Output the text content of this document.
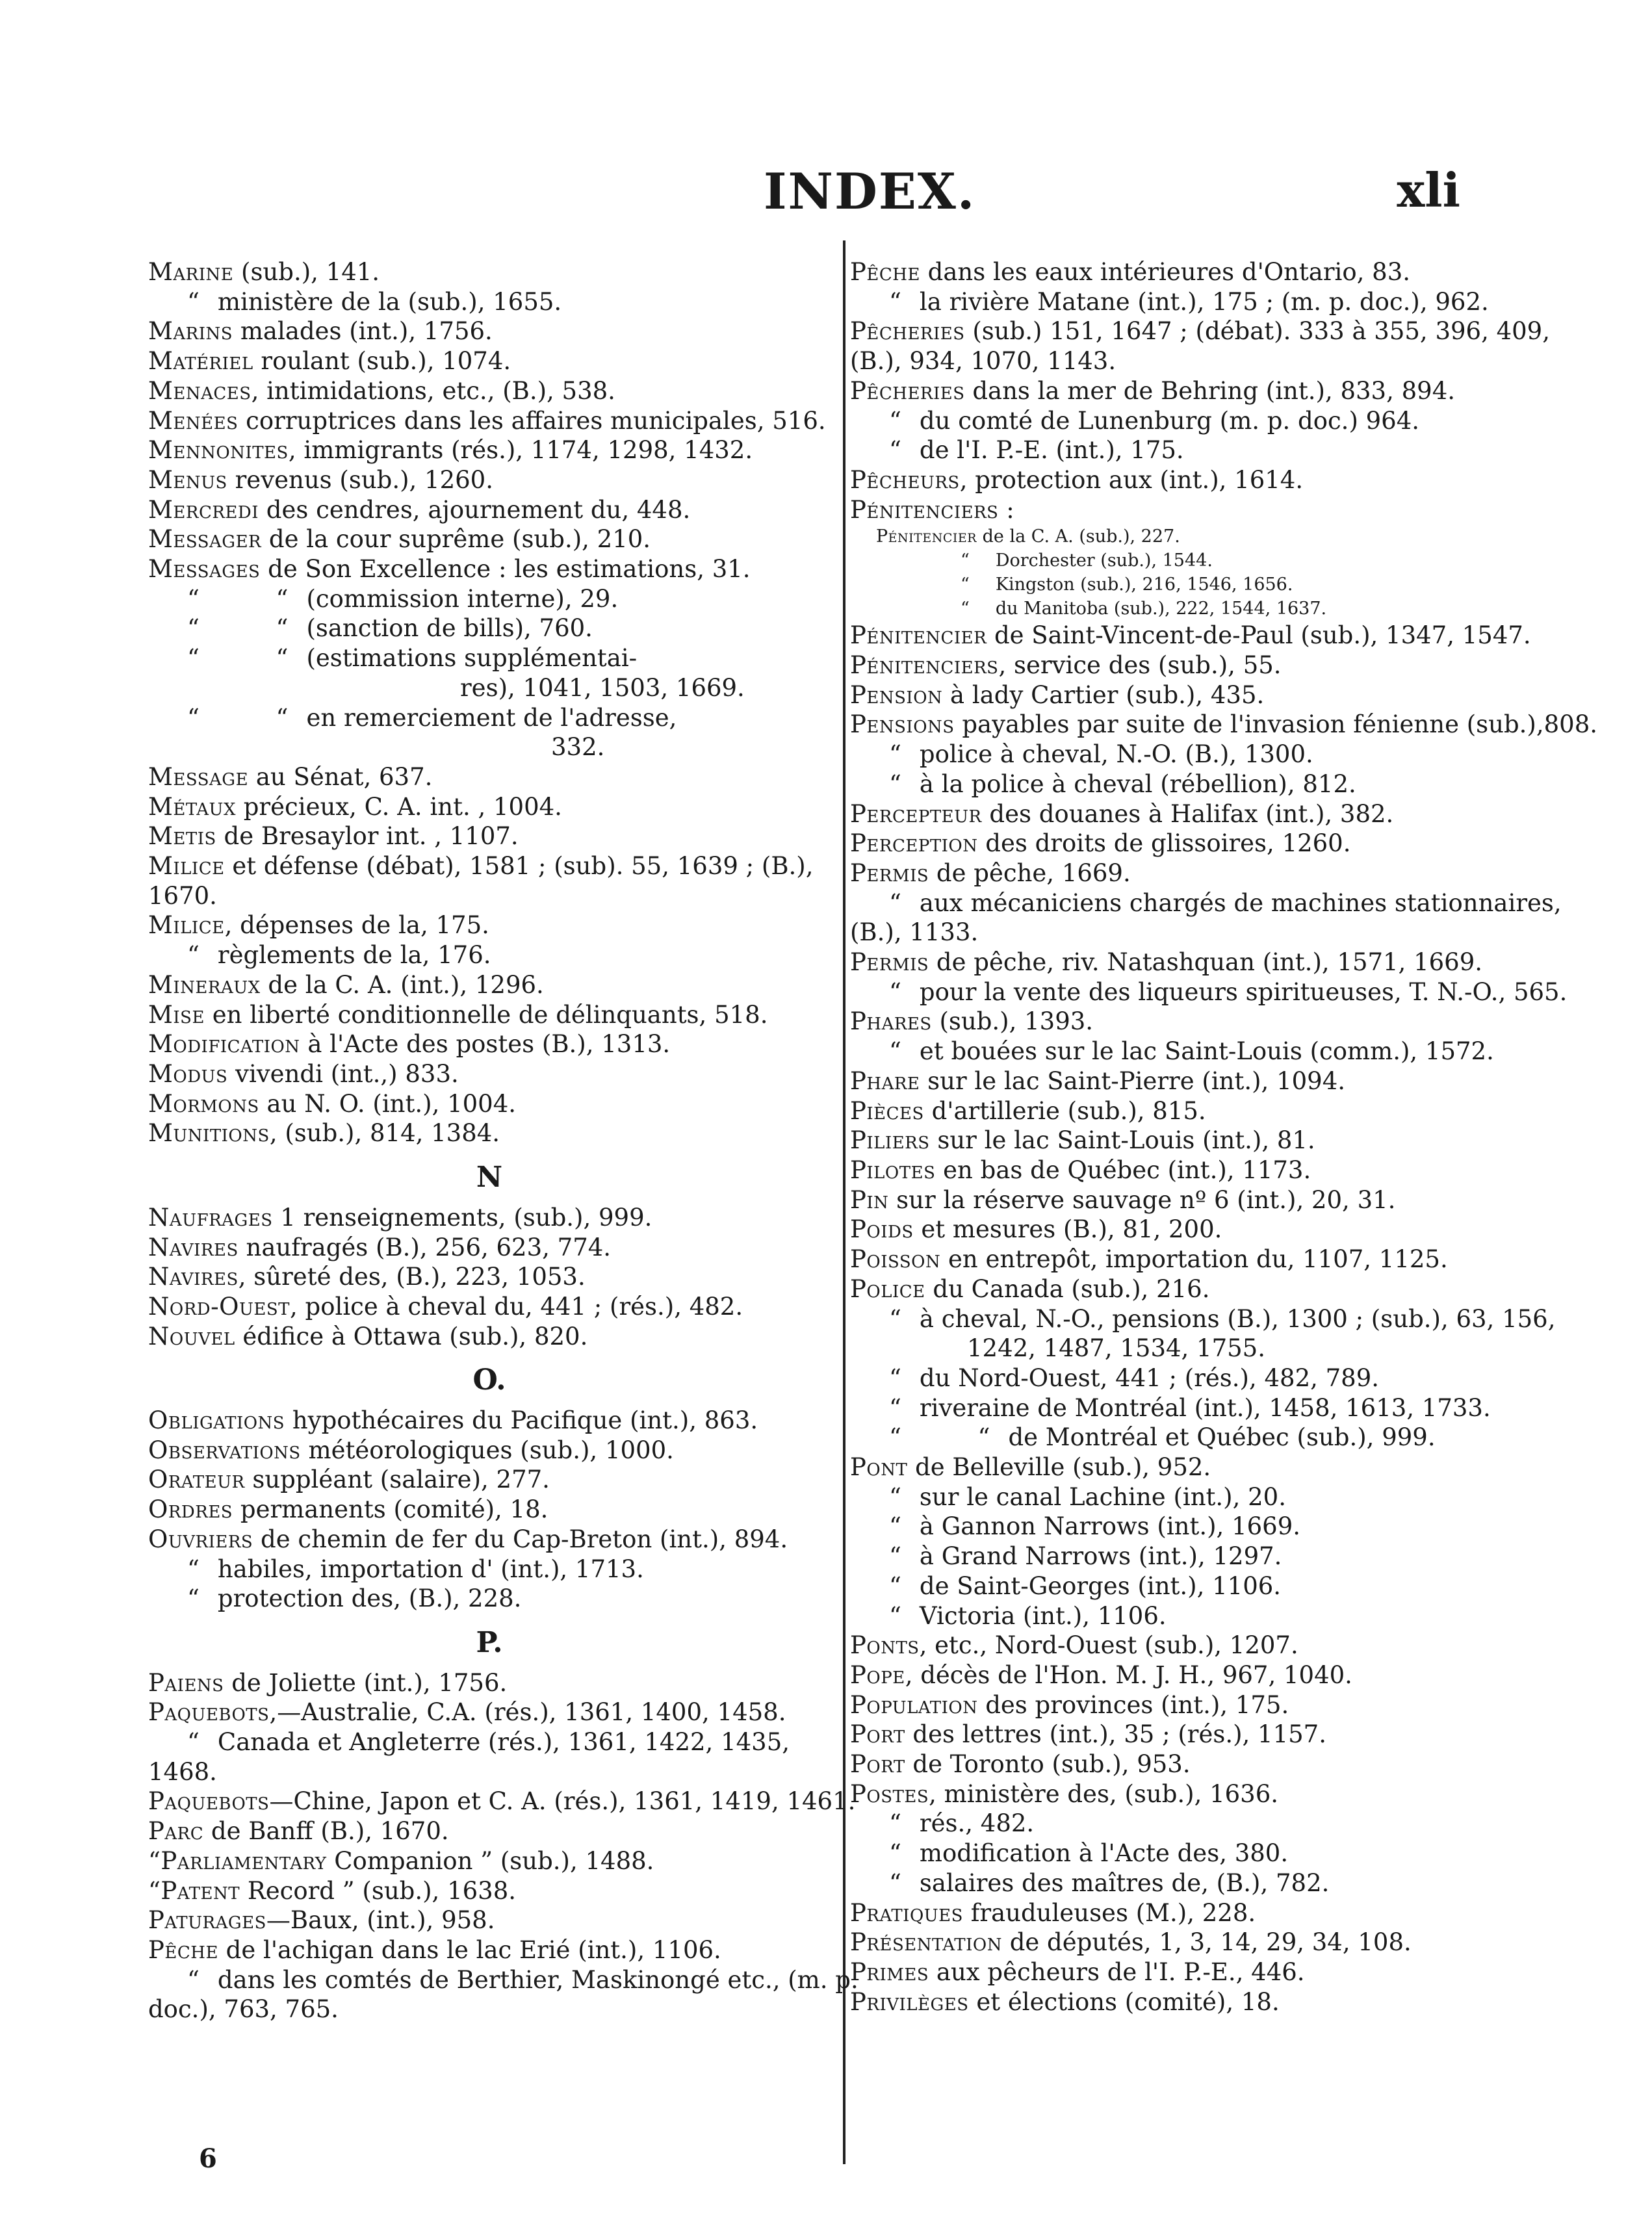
INDEX.	xli
Marine (sub.), 141.
“ ministère de la (sub.), 1655.
Marins malades (int.), 1756.
Matériel roulant (sub.), 1074.
Menaces, intimidations, etc., (B.), 538.
Menées corruptrices dans les affaires municipales, 516.
Mennonites, immigrants (rés.), 1174, 1298, 1432.
Menus revenus (sub.), 1260.
Mercredi des cendres, ajournement du, 448.
Messager de la cour suprême (sub.), 210.
Messages de Son Excellence : les estimations, 31.
“          “ (commission interne), 29.
“          “ (sanction de bills), 760.
“          “ (estimations supplémentai-
res), 1041, 1503, 1669.
“          “ en remerciement de l'adresse,
332.
Message au Sénat, 637.
Métaux précieux, C. A. int. , 1004.
Metis de Bresaylor int. , 1107.
Milice et défense (débat), 1581 ; (sub). 55, 1639 ; (B.),
1670.
Milice, dépenses de la, 175.
“ règlements de la, 176.
Mineraux de la C. A. (int.), 1296.
Mise en liberté conditionnelle de délinquants, 518.
Modification à l'Acte des postes (B.), 1313.
Modus vivendi (int.,) 833.
Mormons au N. O. (int.), 1004.
Munitions, (sub.), 814, 1384.
N
Naufrages 1 renseignements, (sub.), 999.
Navires naufragés (B.), 256, 623, 774.
Navires, sûreté des, (B.), 223, 1053.
Nord-Ouest, police à cheval du, 441 ; (rés.), 482.
Nouvel édifice à Ottawa (sub.), 820.
O.
Obligations hypothécaires du Pacifique (int.), 863.
Observations météorologiques (sub.), 1000.
Orateur suppléant (salaire), 277.
Ordres permanents (comité), 18.
Ouvriers de chemin de fer du Cap-Breton (int.), 894.
“ habiles, importation d' (int.), 1713.
“ protection des, (B.), 228.
P.
Paiens de Joliette (int.), 1756.
Paquebots,—Australie, C.A. (rés.), 1361, 1400, 1458.
“ Canada et Angleterre (rés.), 1361, 1422, 1435,
1468.
Paquebots—Chine, Japon et C. A. (rés.), 1361, 1419, 1461.
Parc de Banff (B.), 1670.
“Parliamentary Companion ” (sub.), 1488.
“Patent Record ” (sub.), 1638.
Paturages—Baux, (int.), 958.
Pêche de l'achigan dans le lac Erié (int.), 1106.
“ dans les comtés de Berthier, Maskinongé etc., (m. p.
doc.), 763, 765.
Pêche dans les eaux intérieures d'Ontario, 83.
“ la rivière Matane (int.), 175 ; (m. p. doc.), 962.
Pêcheries (sub.) 151, 1647 ; (débat). 333 à 355, 396, 409,
(B.), 934, 1070, 1143.
Pêcheries dans la mer de Behring (int.), 833, 894.
“ du comté de Lunenburg (m. p. doc.) 964.
“ de l'I. P.-E. (int.), 175.
Pêcheurs, protection aux (int.), 1614.
Pénitenciers :
Pénitencier de la C. A. (sub.), 227.
“ Dorchester (sub.), 1544.
“ Kingston (sub.), 216, 1546, 1656.
“ du Manitoba (sub.), 222, 1544, 1637.
Pénitencier de Saint-Vincent-de-Paul (sub.), 1347, 1547.
Pénitenciers, service des (sub.), 55.
Pension à lady Cartier (sub.), 435.
Pensions payables par suite de l'invasion fénienne (sub.),808.
“ police à cheval, N.-O. (B.), 1300.
“ à la police à cheval (rébellion), 812.
Percepteur des douanes à Halifax (int.), 382.
Perception des droits de glissoires, 1260.
Permis de pêche, 1669.
“ aux mécaniciens chargés de machines stationnaires,
(B.), 1133.
Permis de pêche, riv. Natashquan (int.), 1571, 1669.
“ pour la vente des liqueurs spiritueuses, T. N.-O., 565.
Phares (sub.), 1393.
“ et bouées sur le lac Saint-Louis (comm.), 1572.
Phare sur le lac Saint-Pierre (int.), 1094.
Pièces d'artillerie (sub.), 815.
Piliers sur le lac Saint-Louis (int.), 81.
Pilotes en bas de Québec (int.), 1173.
Pin sur la réserve sauvage nº 6 (int.), 20, 31.
Poids et mesures (B.), 81, 200.
Poisson en entrepôt, importation du, 1107, 1125.
Police du Canada (sub.), 216.
“ à cheval, N.-O., pensions (B.), 1300 ; (sub.), 63, 156,
1242, 1487, 1534, 1755.
“ du Nord-Ouest, 441 ; (rés.), 482, 789.
“ riveraine de Montréal (int.), 1458, 1613, 1733.
“          “ de Montréal et Québec (sub.), 999.
Pont de Belleville (sub.), 952.
“ sur le canal Lachine (int.), 20.
“ à Gannon Narrows (int.), 1669.
“ à Grand Narrows (int.), 1297.
“ de Saint-Georges (int.), 1106.
“ Victoria (int.), 1106.
Ponts, etc., Nord-Ouest (sub.), 1207.
Pope, décès de l'Hon. M. J. H., 967, 1040.
Population des provinces (int.), 175.
Port des lettres (int.), 35 ; (rés.), 1157.
Port de Toronto (sub.), 953.
Postes, ministère des, (sub.), 1636.
“ rés., 482.
“ modification à l'Acte des, 380.
“ salaires des maîtres de, (B.), 782.
Pratiques frauduleuses (M.), 228.
Présentation de députés, 1, 3, 14, 29, 34, 108.
Primes aux pêcheurs de l'I. P.-E., 446.
Privilèges et élections (comité), 18.
6
